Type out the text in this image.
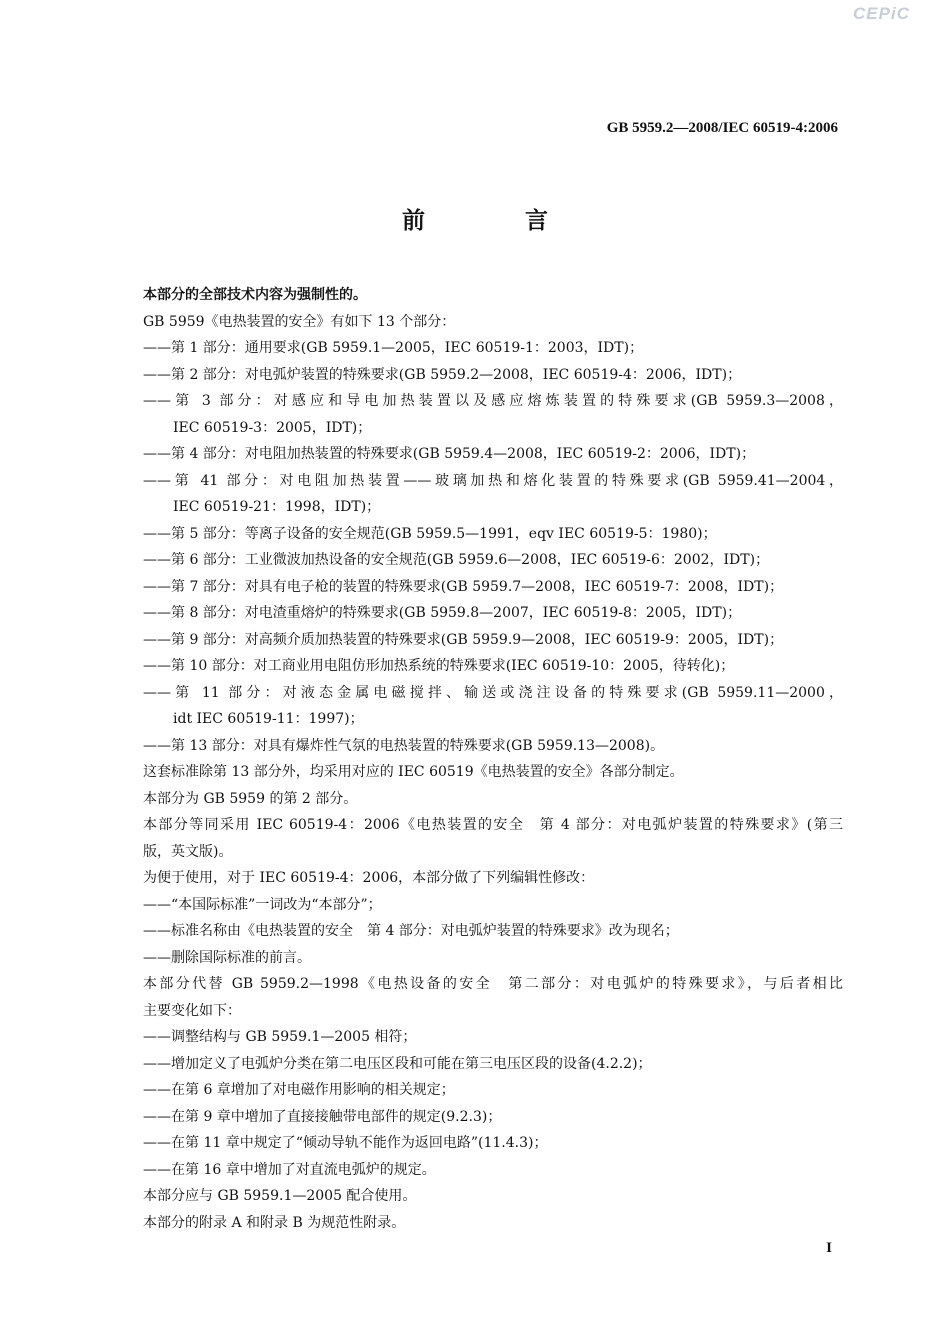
CEPiC
GB 5959.2—2008/IEC 60519-4:2006
前 言
本部分的全部技术内容为强制性的。
GB 5959《电热装置的安全》有如下 13 个部分：
——第 1 部分：通用要求(GB 5959.1—2005，IEC 60519-1：2003，IDT)；
——第 2 部分：对电弧炉装置的特殊要求(GB 5959.2—2008，IEC 60519-4：2006，IDT)；
——第 3 部分：对感应和导电加热装置以及感应熔炼装置的特殊要求(GB 5959.3—2008，
IEC 60519-3：2005，IDT)；
——第 4 部分：对电阻加热装置的特殊要求(GB 5959.4—2008，IEC 60519-2：2006，IDT)；
——第 41 部分：对电阻加热装置——玻璃加热和熔化装置的特殊要求(GB 5959.41—2004，
IEC 60519-21：1998，IDT)；
——第 5 部分：等离子设备的安全规范(GB 5959.5—1991，eqv IEC 60519-5：1980)；
——第 6 部分：工业微波加热设备的安全规范(GB 5959.6—2008，IEC 60519-6：2002，IDT)；
——第 7 部分：对具有电子枪的装置的特殊要求(GB 5959.7—2008，IEC 60519-7：2008，IDT)；
——第 8 部分：对电渣重熔炉的特殊要求(GB 5959.8—2007，IEC 60519-8：2005，IDT)；
——第 9 部分：对高频介质加热装置的特殊要求(GB 5959.9—2008，IEC 60519-9：2005，IDT)；
——第 10 部分：对工商业用电阻仿形加热系统的特殊要求(IEC 60519-10：2005，待转化)；
——第 11 部分：对液态金属电磁搅拌、输送或浇注设备的特殊要求(GB 5959.11—2000，
idt IEC 60519-11：1997)；
——第 13 部分：对具有爆炸性气氛的电热装置的特殊要求(GB 5959.13—2008)。
这套标准除第 13 部分外，均采用对应的 IEC 60519《电热装置的安全》各部分制定。
本部分为 GB 5959 的第 2 部分。
本部分等同采用 IEC 60519-4：2006《电热装置的安全　第 4 部分：对电弧炉装置的特殊要求》(第三
版，英文版)。
为便于使用，对于 IEC 60519-4：2006，本部分做了下列编辑性修改：
——“本国际标准”一词改为“本部分”；
——标准名称由《电热装置的安全　第 4 部分：对电弧炉装置的特殊要求》改为现名；
——删除国际标准的前言。
本部分代替 GB 5959.2—1998《电热设备的安全　第二部分：对电弧炉的特殊要求》，与后者相比
主要变化如下：
——调整结构与 GB 5959.1—2005 相符；
——增加定义了电弧炉分类在第二电压区段和可能在第三电压区段的设备(4.2.2)；
——在第 6 章增加了对电磁作用影响的相关规定；
——在第 9 章中增加了直接接触带电部件的规定(9.2.3)；
——在第 11 章中规定了“倾动导轨不能作为返回电路”(11.4.3)；
——在第 16 章中增加了对直流电弧炉的规定。
本部分应与 GB 5959.1—2005 配合使用。
本部分的附录 A 和附录 B 为规范性附录。
I
